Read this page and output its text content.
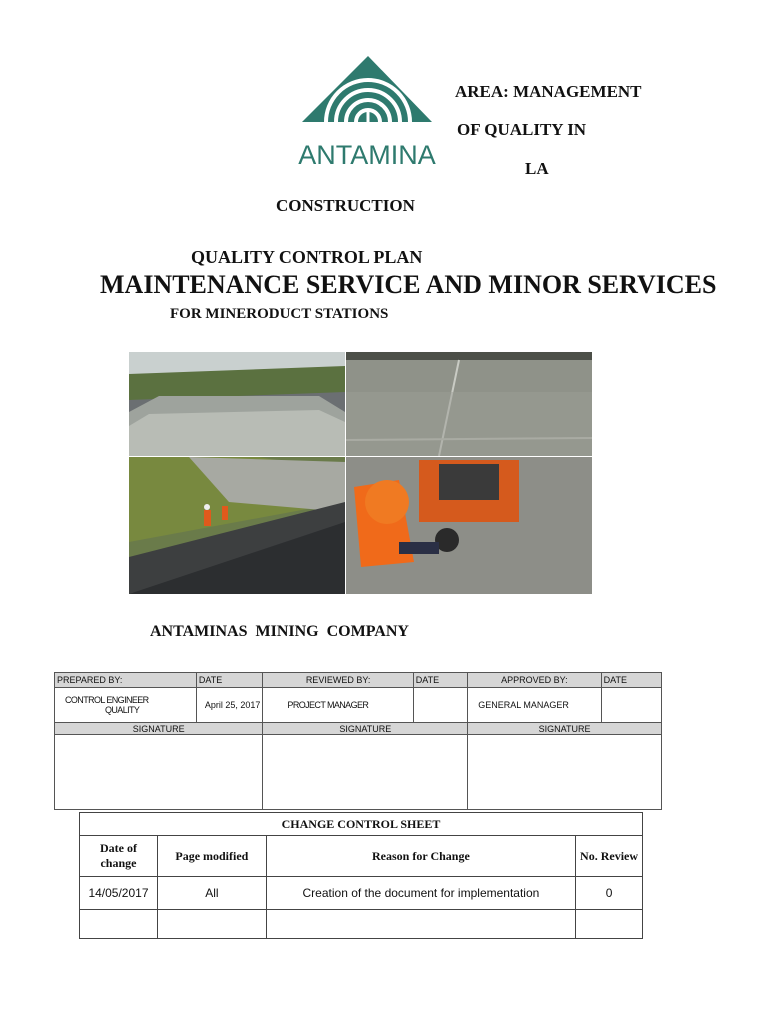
ANTAMINA
AREA: MANAGEMENT
OF QUALITY IN
LA
CONSTRUCTION
QUALITY CONTROL PLAN
MAINTENANCE SERVICE AND MINOR SERVICES
FOR MINERODUCT STATIONS
ANTAMINAS  MINING  COMPANY
PREPARED BY:	DATE	REVIEWED BY:	DATE	APPROVED BY:	DATE

CONTROL ENGINEER
QUALITY	April 25, 2017	PROJECT MANAGER		GENERAL MANAGER	
SIGNATURE		SIGNATURE		SIGNATURE	

CHANGE CONTROL SHEET			
Date of change	Page modified	Reason for Change	No. Review
14/05/2017	All	Creation of the document for implementation	0
